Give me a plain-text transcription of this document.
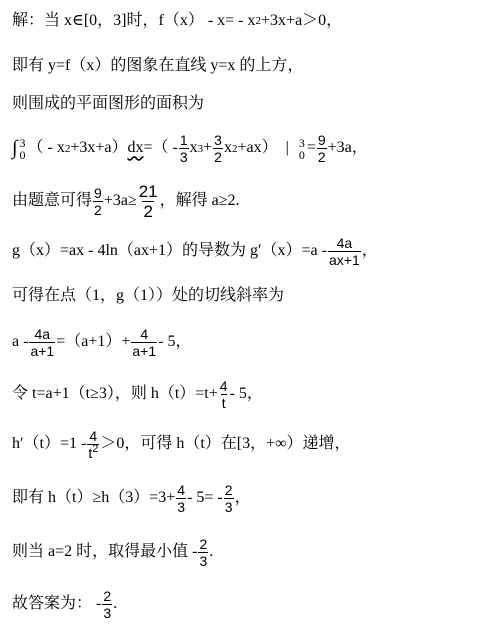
解：当 x∈[0，3]时，f（x） - x= - x 2 +3x+a＞0，
即有 y=f（x）的图象在直线 y=x 的上方，
则围成的平面图形的面积为
∫ 3
0 （ - x 2 +3x+a） dx =（ - $\frac{1}{3}$ x $3 + \frac{3}{2}$ x 2 +ax） | 3
$0 = \frac{9}{2} +3a$，
由题意可得 $\frac{9}{2} +3a\ge \frac{21}{2}$ ，解得 a≥2.
g（x）=ax - 4ln（ax+1）的导数为 $g'(x)=a - \frac{4a}{ax+1}$ ，
可得在点（1，g（1））处的切线斜率为
$a - \frac{4a}{a+1} =(a+1)+ \frac{4}{a+1} - 5$，
令 t=a+1（t≥3），则 $h(t)=t+ \frac{4}{t} - 5$，
$h'(t)=1 - \frac{4}{t^2} >0$，可得 h（t）在[3，+∞）递增，
即有 $h(t)\ge h(3)=3+ \frac{4}{3} - 5= - \frac{2}{3}$ ，
则当 a=2 时，取得最小值 - $\frac{2}{3}$ .
故答案为： - $\frac{2}{3}$ .
